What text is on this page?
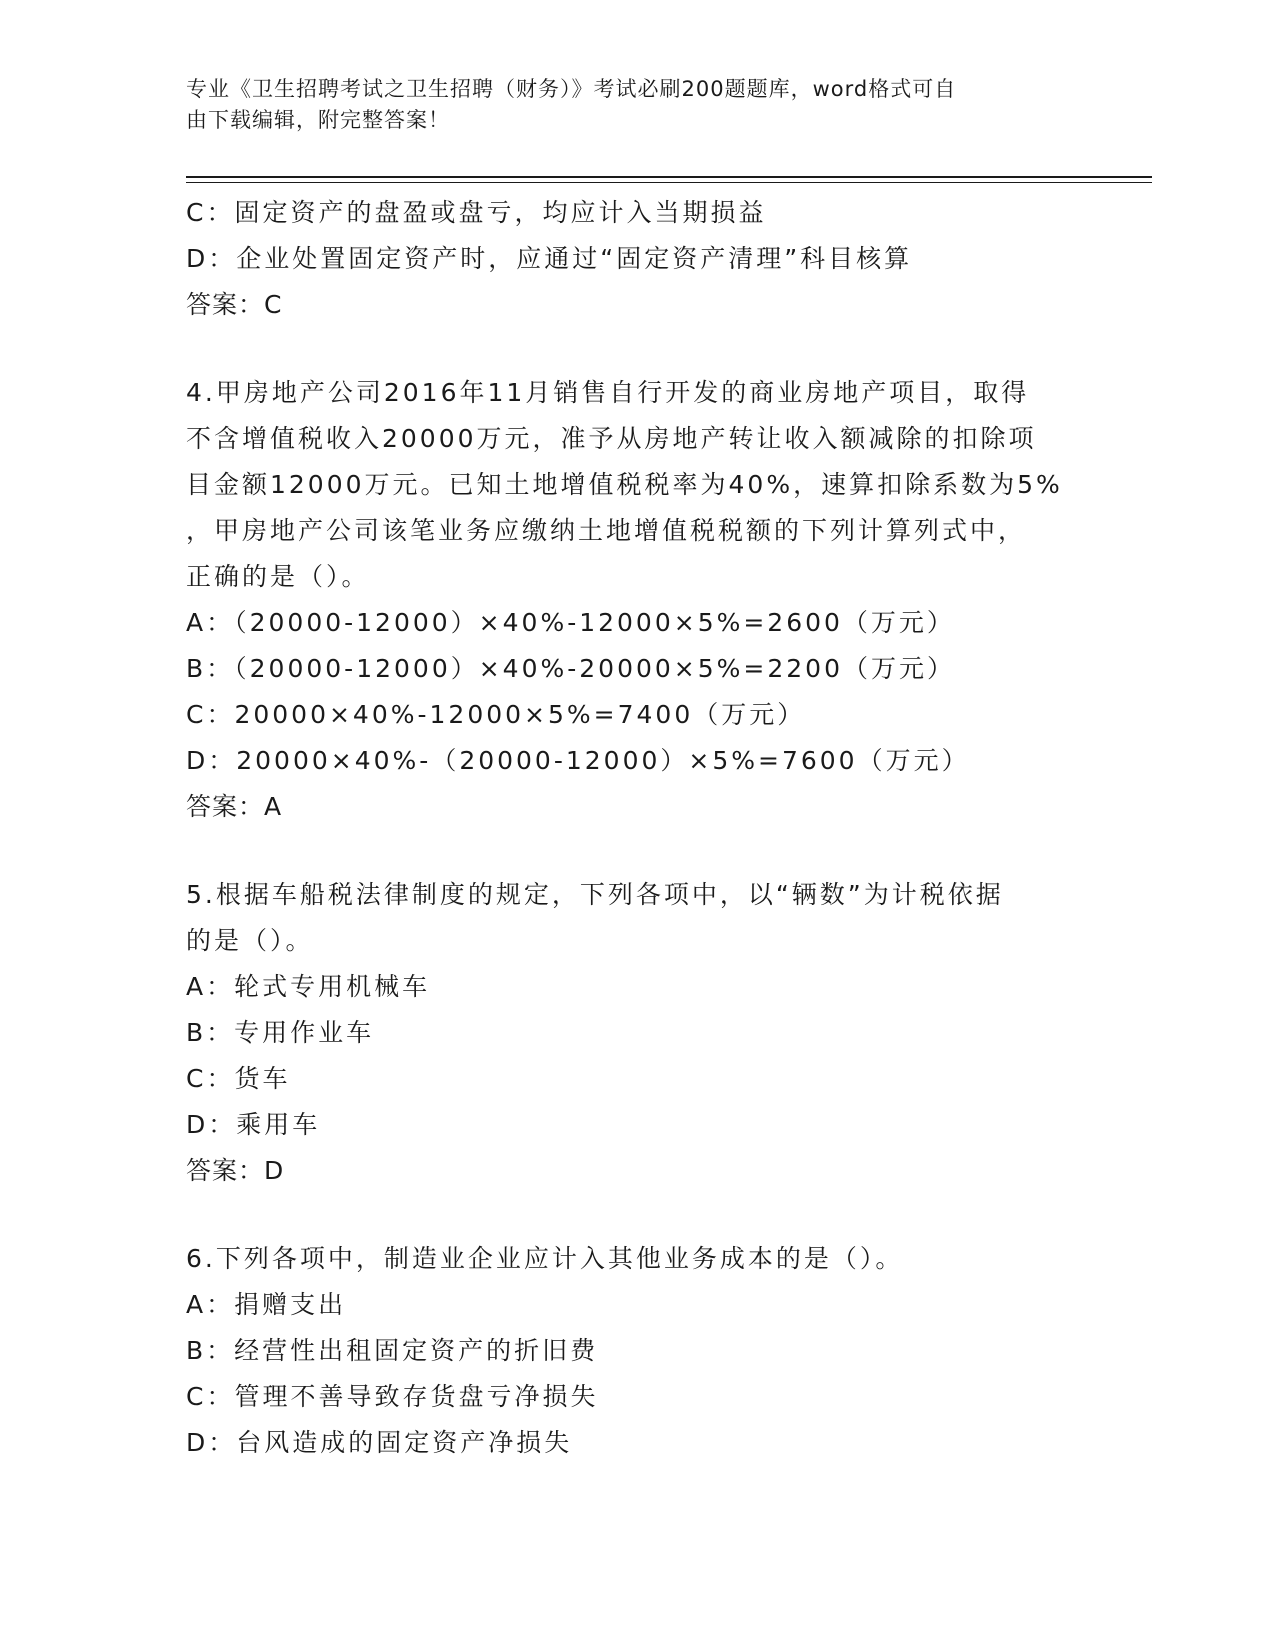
专业《卫生招聘考试之卫生招聘（财务）》考试必刷200题题库，word格式可自
由下载编辑，附完整答案！
C：固定资产的盘盈或盘亏，均应计入当期损益
D：企业处置固定资产时，应通过“固定资产清理”科目核算
答案：C
4.甲房地产公司2016年11月销售自行开发的商业房地产项目，取得
不含增值税收入20000万元，准予从房地产转让收入额减除的扣除项
目金额12000万元。已知土地增值税税率为40%，速算扣除系数为5%
，甲房地产公司该笔业务应缴纳土地增值税税额的下列计算列式中，
正确的是（）。
A：（20000-12000）×40%-12000×5%=2600（万元）
B：（20000-12000）×40%-20000×5%=2200（万元）
C：20000×40%-12000×5%=7400（万元）
D：20000×40%-（20000-12000）×5%=7600（万元）
答案：A
5.根据车船税法律制度的规定，下列各项中，以“辆数”为计税依据
的是（）。
A：轮式专用机械车
B：专用作业车
C：货车
D：乘用车
答案：D
6.下列各项中，制造业企业应计入其他业务成本的是（）。
A：捐赠支出
B：经营性出租固定资产的折旧费
C：管理不善导致存货盘亏净损失
D：台风造成的固定资产净损失
